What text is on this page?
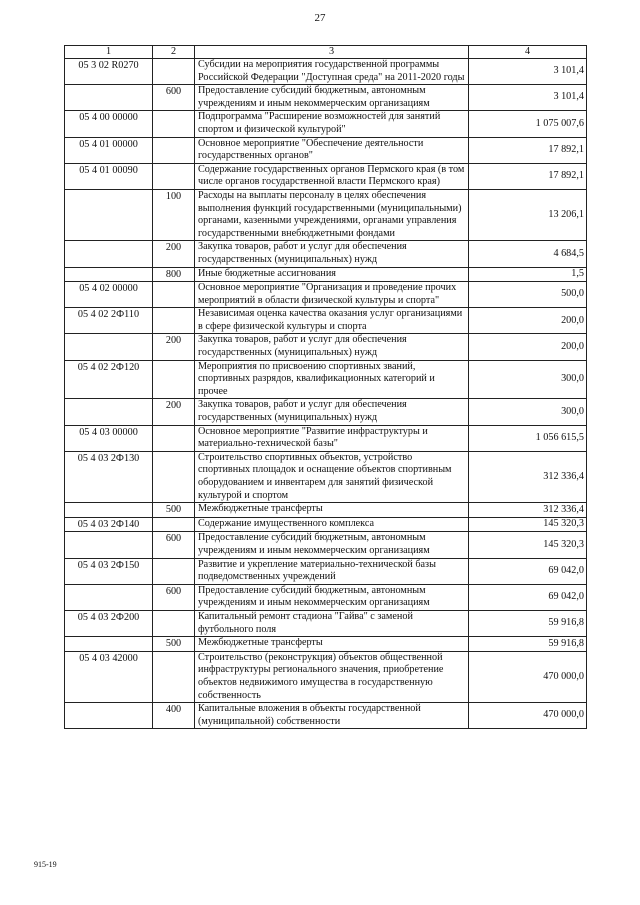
27
1	2	3	4
05 3 02 R0270		Субсидии на мероприятия государственной программы Российской Федерации "Доступная среда" на 2011-2020 годы	3 101,4
	600	Предоставление субсидий бюджетным, автономным учреждениям и иным некоммерческим организациям	3 101,4
05 4 00 00000		Подпрограмма "Расширение возможностей для занятий спортом и физической культурой"	1 075 007,6
05 4 01 00000		Основное мероприятие "Обеспечение деятельности государственных органов"	17 892,1
05 4 01 00090		Содержание государственных органов Пермского края (в том числе органов государственной власти Пермского края)	17 892,1
	100	Расходы на выплаты персоналу в целях обеспечения выполнения функций государственными (муниципальными) органами, казенными учреждениями, органами управления государственными внебюджетными фондами	13 206,1
	200	Закупка товаров, работ и услуг для обеспечения государственных (муниципальных) нужд	4 684,5
	800	Иные бюджетные ассигнования	1,5
05 4 02 00000		Основное мероприятие "Организация и проведение прочих мероприятий в области физической культуры и спорта"	500,0
05 4 02 2Ф110		Независимая оценка качества оказания услуг организациями в сфере физической культуры и спорта	200,0
	200	Закупка товаров, работ и услуг для обеспечения государственных (муниципальных) нужд	200,0
05 4 02 2Ф120		Мероприятия по присвоению спортивных званий, спортивных разрядов, квалификационных категорий и прочее	300,0
	200	Закупка товаров, работ и услуг для обеспечения государственных (муниципальных) нужд	300,0
05 4 03 00000		Основное мероприятие "Развитие инфраструктуры и материально-технической базы"	1 056 615,5
05 4 03 2Ф130		Строительство спортивных объектов, устройство спортивных площадок и оснащение объектов спортивным оборудованием и инвентарем для занятий физической культурой и спортом	312 336,4
	500	Межбюджетные трансферты	312 336,4
05 4 03 2Ф140		Содержание имущественного комплекса	145 320,3
	600	Предоставление субсидий бюджетным, автономным учреждениям и иным некоммерческим организациям	145 320,3
05 4 03 2Ф150		Развитие и укрепление материально-технической базы подведомственных учреждений	69 042,0
	600	Предоставление субсидий бюджетным, автономным учреждениям и иным некоммерческим организациям	69 042,0
05 4 03 2Ф200		Капитальный ремонт стадиона "Гайва" с заменой футбольного поля	59 916,8
	500	Межбюджетные трансферты	59 916,8
05 4 03 42000		Строительство (реконструкция) объектов общественной инфраструктуры регионального значения, приобретение объектов недвижимого имущества в государственную собственность	470 000,0
	400	Капитальные вложения в объекты государственной (муниципальной) собственности	470 000,0
915-19
